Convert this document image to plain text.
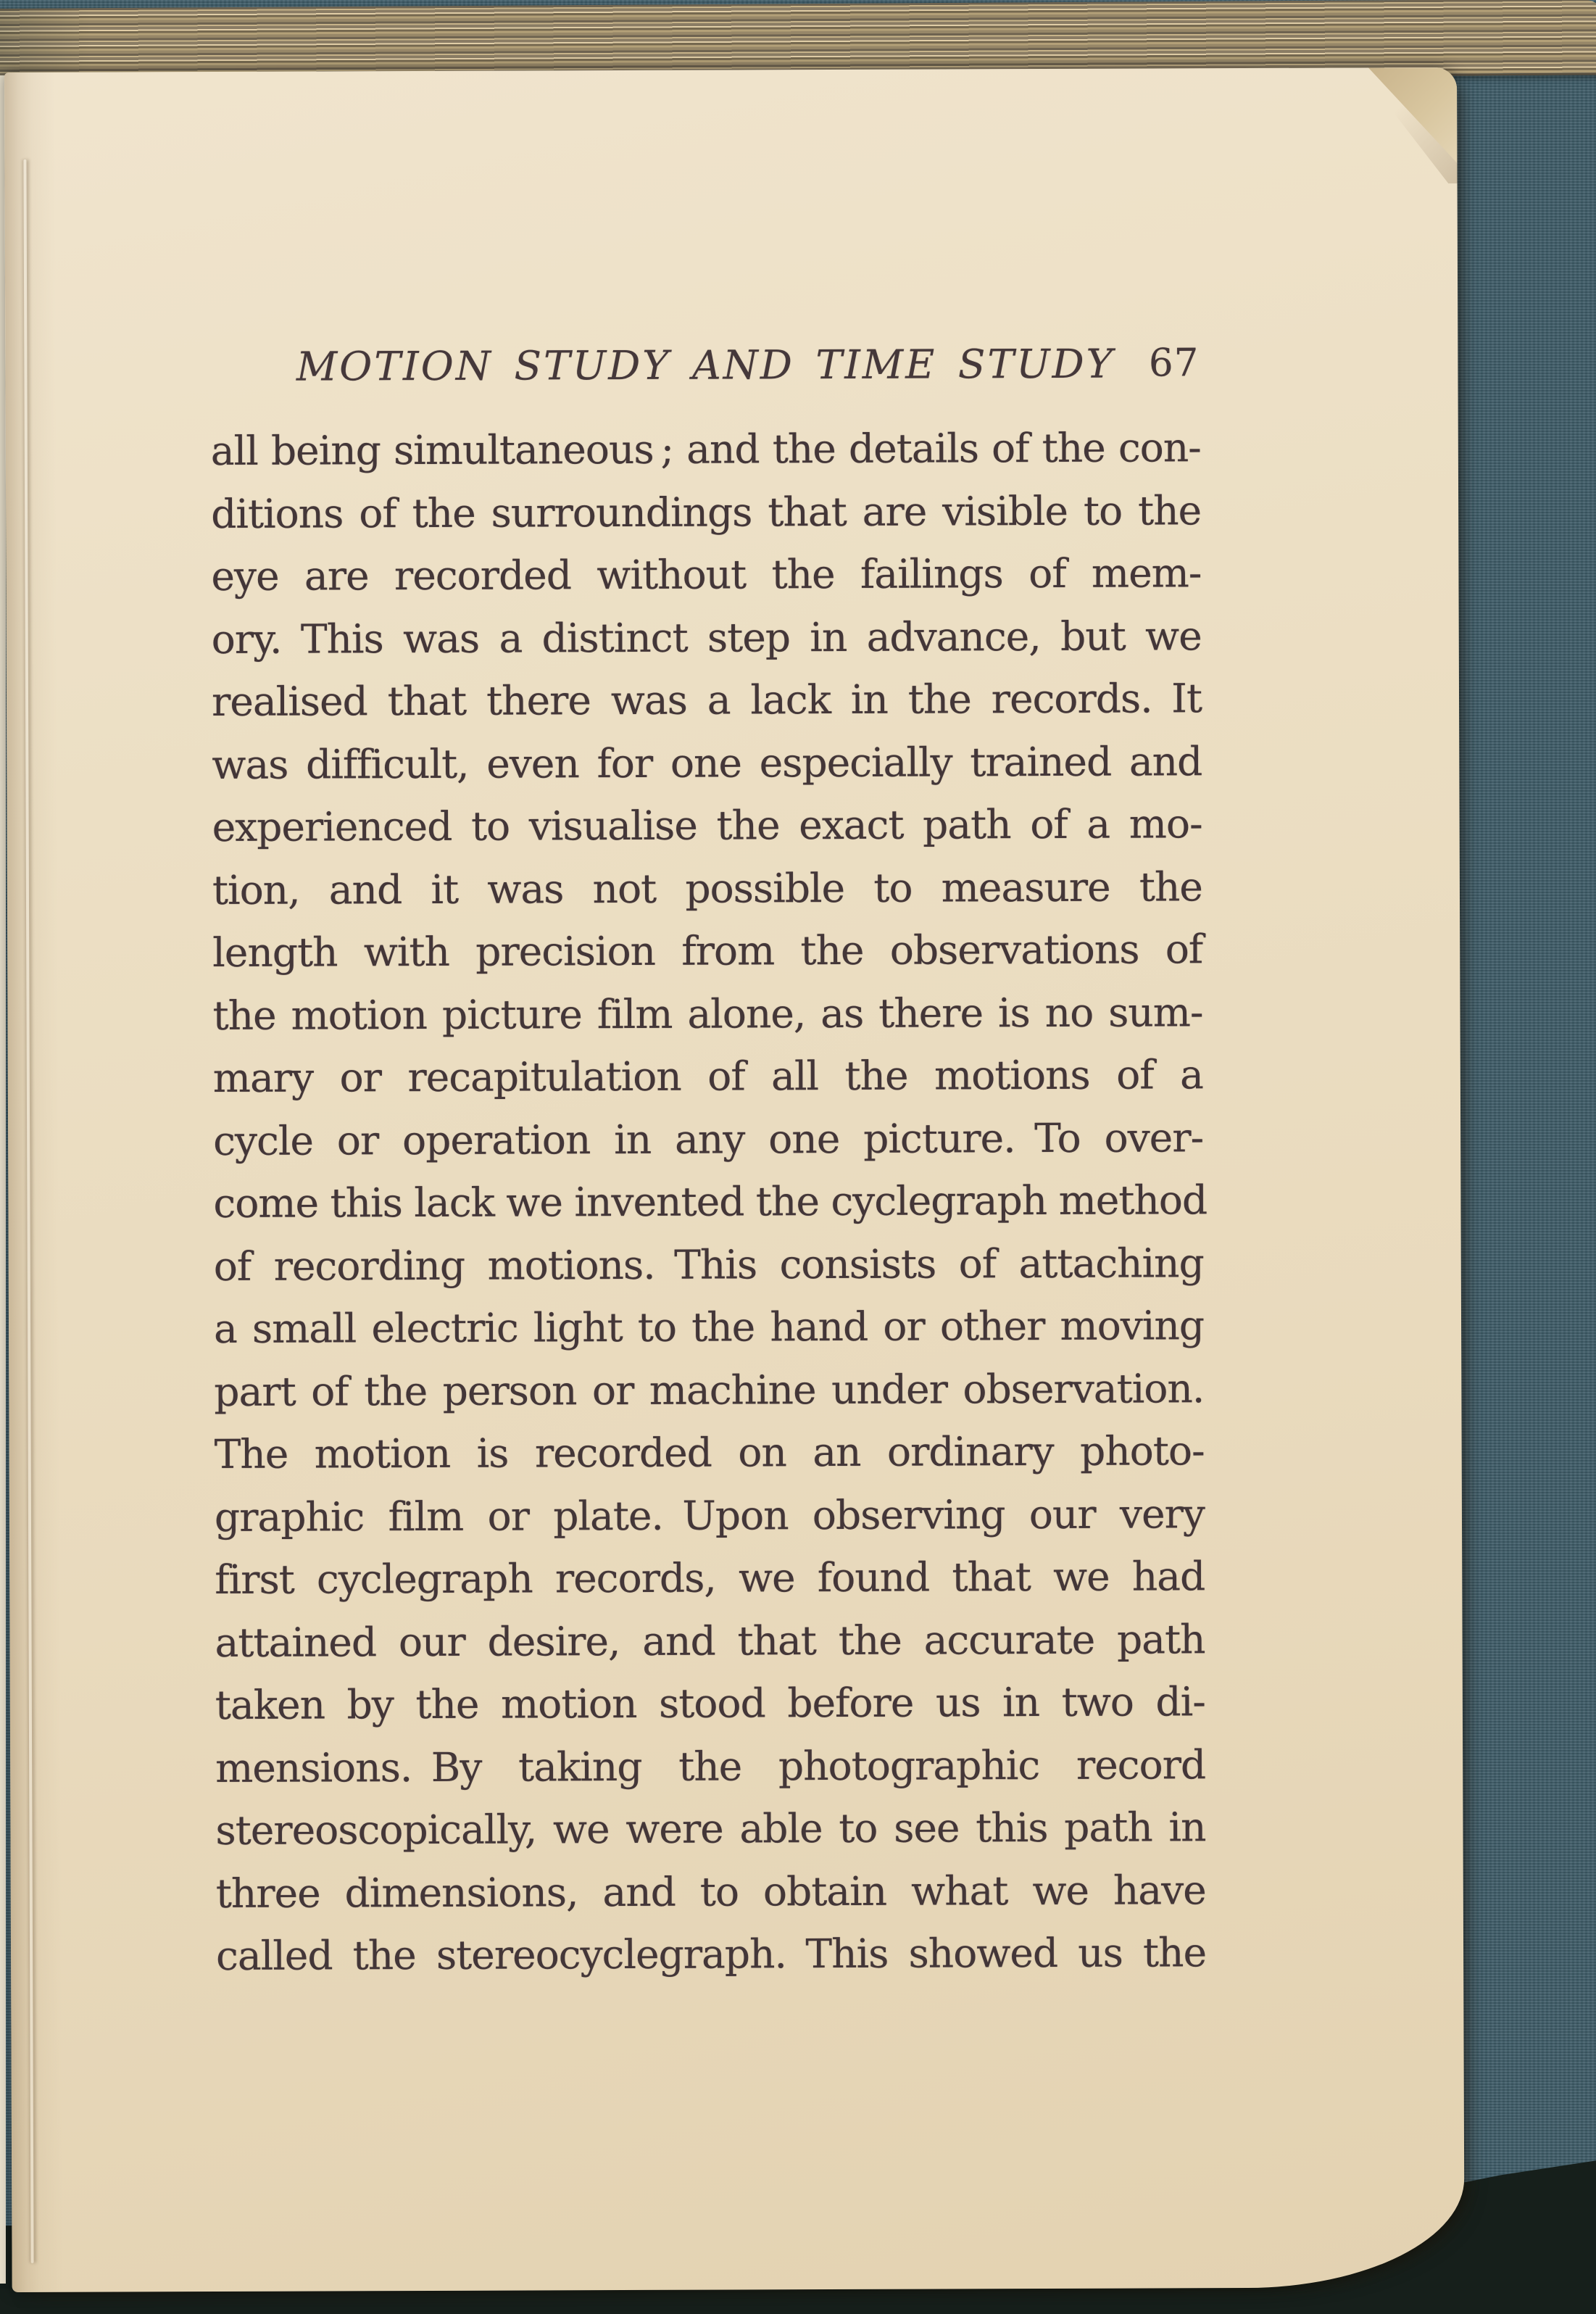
MOTION STUDY AND TIME STUDY 67
all being simultaneous ; and the details of the con-
ditions of the surroundings that are visible to the
eye are recorded without the failings of mem-
ory. This was a distinct step in advance, but we
realised that there was a lack in the records. It
was difficult, even for one especially trained and
experienced to visualise the exact path of a mo-
tion, and it was not possible to measure the
length with precision from the observations of
the motion picture film alone, as there is no sum-
mary or recapitulation of all the motions of a
cycle or operation in any one picture. To over-
come this lack we invented the cyclegraph method
of recording motions. This consists of attaching
a small electric light to the hand or other moving
part of the person or machine under observation.
The motion is recorded on an ordinary photo-
graphic film or plate. Upon observing our very
first cyclegraph records, we found that we had
attained our desire, and that the accurate path
taken by the motion stood before us in two di-
mensions. By taking the photographic record
stereoscopically, we were able to see this path in
three dimensions, and to obtain what we have
called the stereocyclegraph. This showed us the
